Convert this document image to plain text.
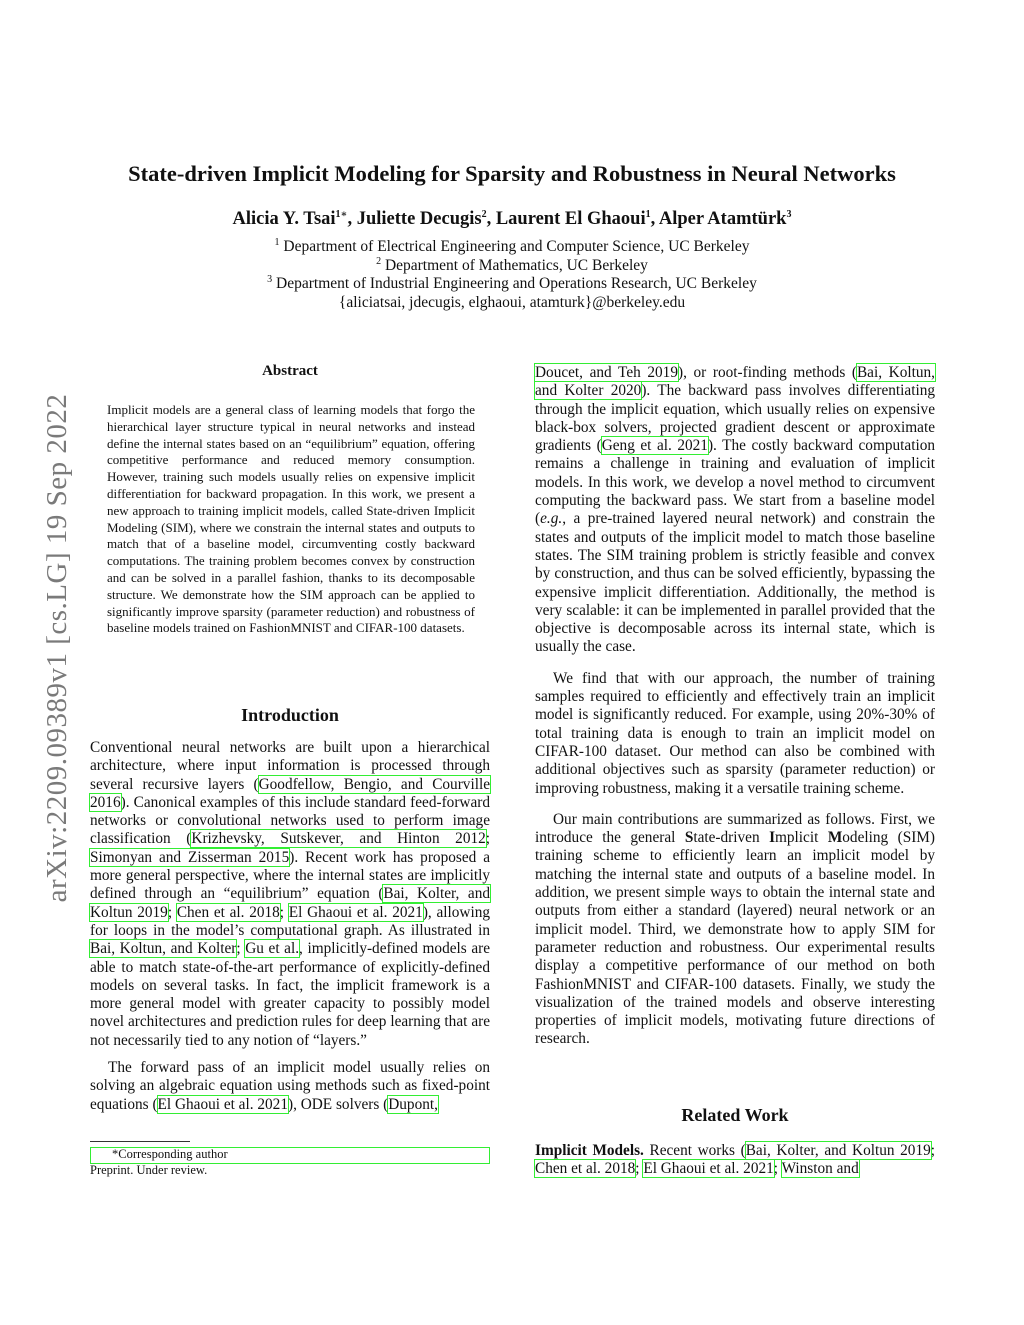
arXiv:2209.09389v1 [cs.LG] 19 Sep 2022
State-driven Implicit Modeling for Sparsity and Robustness in Neural Networks
Alicia Y. Tsai$^{1∗}$, Juliette Decugis$^2$, Laurent El Ghaoui$^1$, Alper Atamtürk$^3$
$^1$ Department of Electrical Engineering and Computer Science, UC Berkeley
$^2$ Department of Mathematics, UC Berkeley
$^3$ Department of Industrial Engineering and Operations Research, UC Berkeley
{aliciatsai, jdecugis, elghaoui, atamturk}@berkeley.edu
Abstract
Implicit models are a general class of learning models that forgo the hierarchical layer structure typical in neural networks and instead define the internal states based on an “equilibrium” equation, offering competitive performance and reduced memory consumption. However, training such models usually relies on expensive implicit differentiation for backward propagation. In this work, we present a new approach to training implicit models, called State-driven Implicit Modeling (SIM), where we constrain the internal states and outputs to match that of a baseline model, circumventing costly backward computations. The training problem becomes convex by construction and can be solved in a parallel fashion, thanks to its decomposable structure. We demonstrate how the SIM approach can be applied to significantly improve sparsity (parameter reduction) and robustness of baseline models trained on FashionMNIST and CIFAR-100 datasets.
Introduction

Conventional neural networks are built upon a hierarchical architecture, where input information is processed through several recursive layers (Goodfellow, Bengio, and Courville 2016). Canonical examples of this include standard feed-forward networks or convolutional networks used to perform image classification (Krizhevsky, Sutskever, and Hinton 2012; Simonyan and Zisserman 2015). Recent work has proposed a more general perspective, where the internal states are implicitly defined through an “equilibrium” equation (Bai, Kolter, and Koltun 2019; Chen et al. 2018; El Ghaoui et al. 2021), allowing for loops in the model’s computational graph. As illustrated in Bai, Koltun, and Kolter; Gu et al., implicitly-defined models are able to match state-of-the-art performance of explicitly-defined models on several tasks. In fact, the implicit framework is a more general model with greater capacity to possibly model novel architectures and prediction rules for deep learning that are not necessarily tied to any notion of “layers.”

The forward pass of an implicit model usually relies on solving an algebraic equation using methods such as fixed-point equations (El Ghaoui et al. 2021), ODE solvers (Dupont,

*Corresponding author
Preprint. Under review.

Doucet, and Teh 2019), or root-finding methods (Bai, Koltun, and Kolter 2020). The backward pass involves differentiating through the implicit equation, which usually relies on expensive black-box solvers, projected gradient descent or approximate gradients (Geng et al. 2021). The costly backward computation remains a challenge in training and evaluation of implicit models. In this work, we develop a novel method to circumvent computing the backward pass. We start from a baseline model (e.g., a pre-trained layered neural network) and constrain the states and outputs of the implicit model to match those baseline states. The SIM training problem is strictly feasible and convex by construction, and thus can be solved efficiently, bypassing the expensive implicit differentiation. Additionally, the method is very scalable: it can be implemented in parallel provided that the objective is decomposable across its internal state, which is usually the case.

We find that with our approach, the number of training samples required to efficiently and effectively train an implicit model is significantly reduced. For example, using 20%-30% of total training data is enough to train an implicit model on CIFAR-100 dataset. Our method can also be combined with additional objectives such as sparsity (parameter reduction) or improving robustness, making it a versatile training scheme.

Our main contributions are summarized as follows. First, we introduce the general State-driven Implicit Modeling (SIM) training scheme to efficiently learn an implicit model by matching the internal state and outputs of a baseline model. In addition, we present simple ways to obtain the internal state and outputs from either a standard (layered) neural network or an implicit model. Third, we demonstrate how to apply SIM for parameter reduction and robustness. Our experimental results display a competitive performance of our method on both FashionMNIST and CIFAR-100 datasets. Finally, we study the visualization of the trained models and observe interesting properties of implicit models, motivating future directions of research.

Related Work

Implicit Models. Recent works (Bai, Kolter, and Koltun 2019; Chen et al. 2018; El Ghaoui et al. 2021; Winston and
